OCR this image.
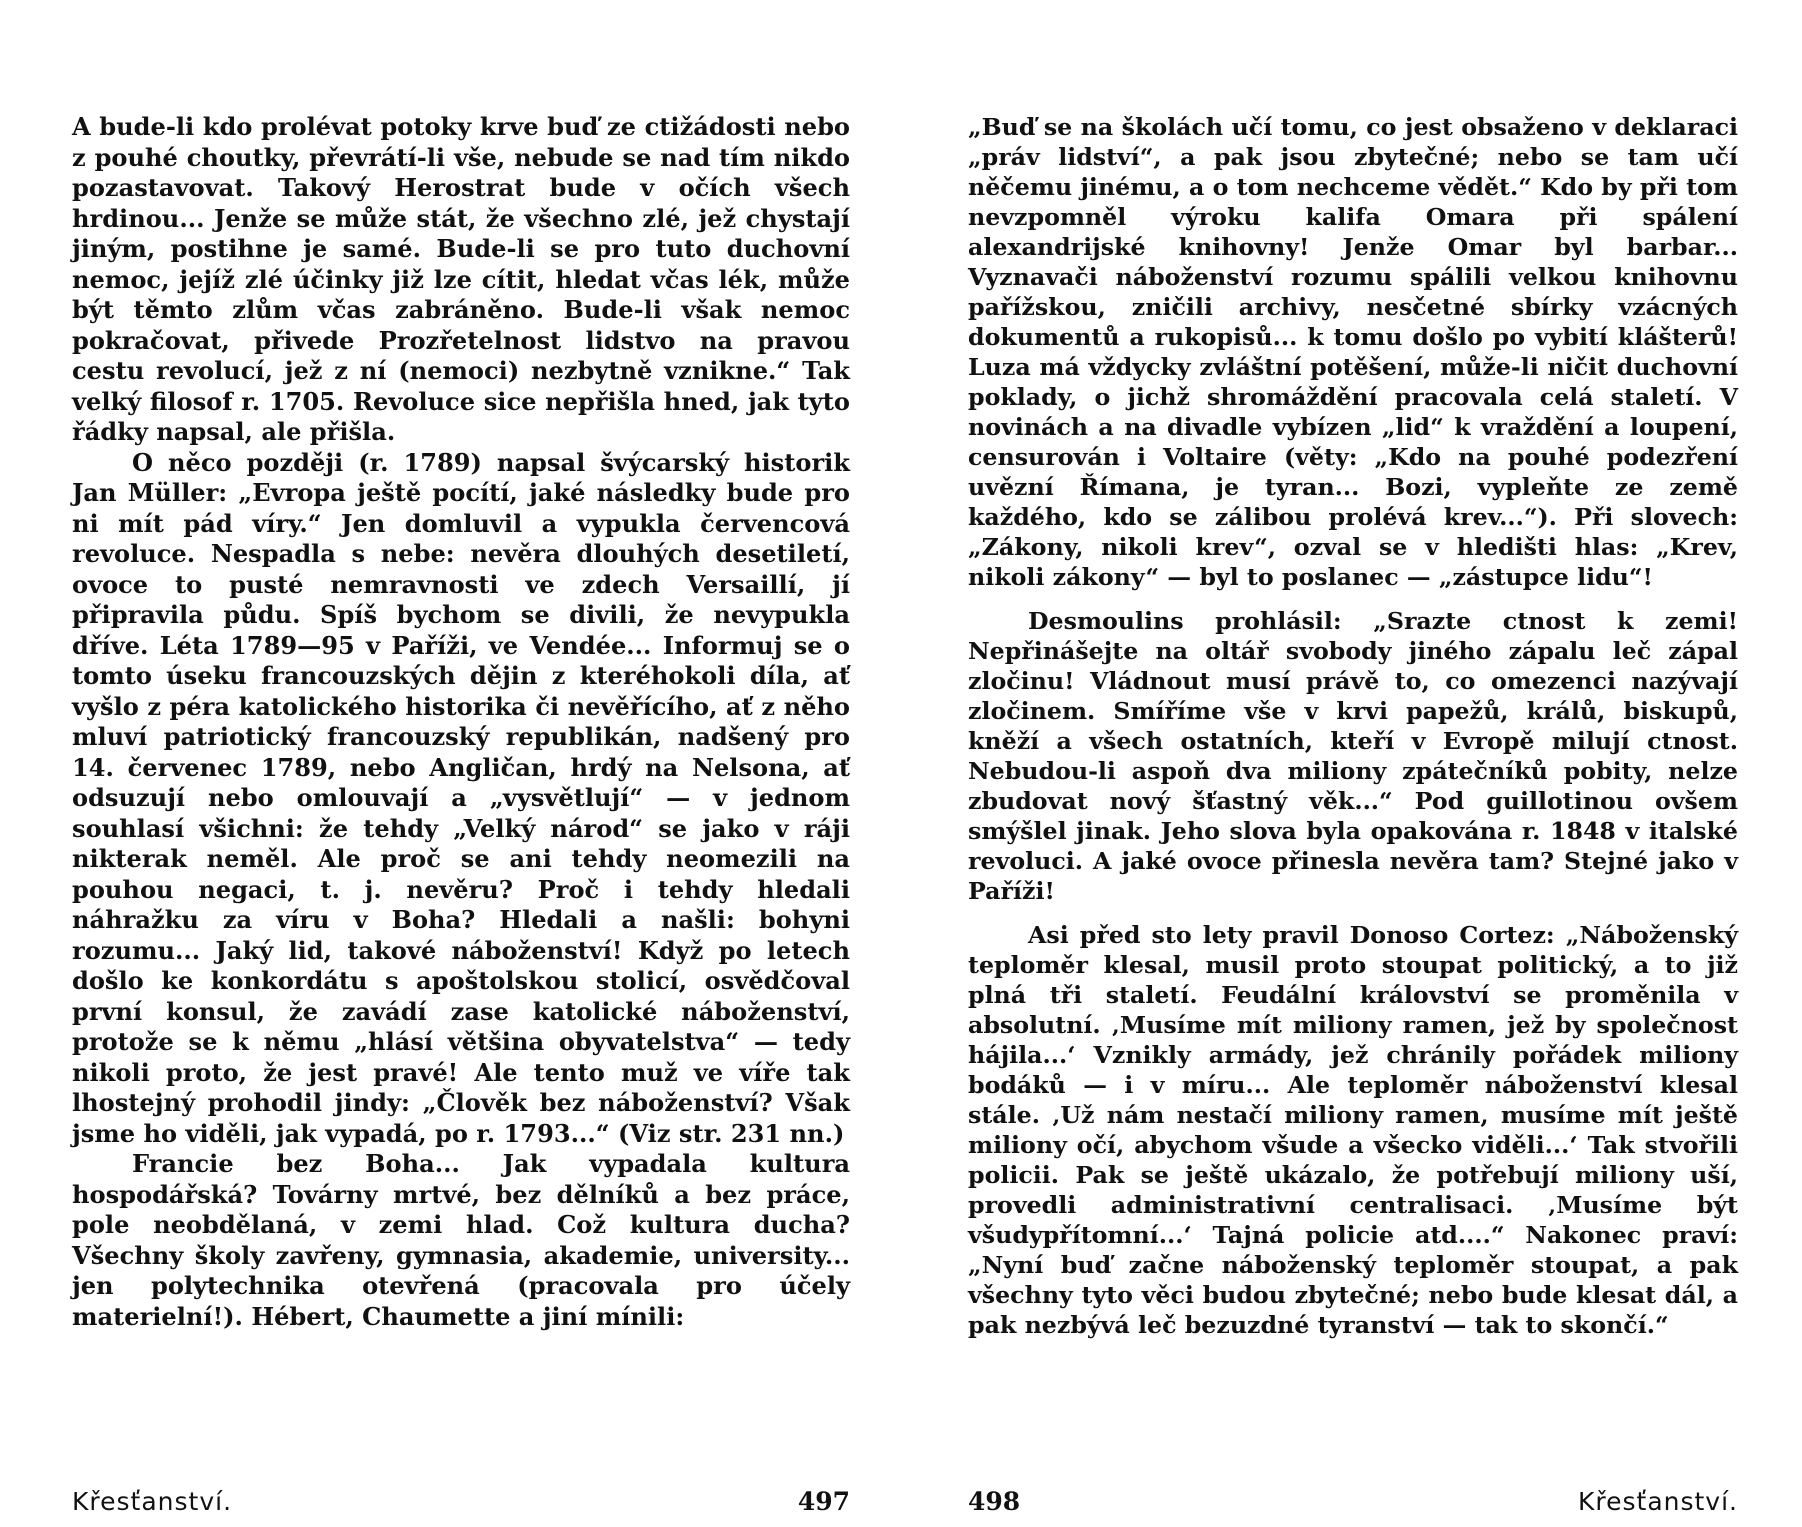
A bude-li kdo prolévat potoky krve buď ze ctižádosti nebo z pouhé choutky, převrátí-li vše, nebude se nad tím nikdo pozastavovat. Takový Herostrat bude v očích všech hrdinou... Jenže se může stát, že všechno zlé, jež chystají jiným, postihne je samé. Bude-li se pro tuto duchovní nemoc, jejíž zlé účinky již lze cítit, hledat včas lék, může být těmto zlům včas zabráněno. Bude-li však nemoc pokračovat, přivede Prozřetelnost lidstvo na pravou cestu revolucí, jež z ní (nemoci) nezbytně vznikne.“ Tak velký filosof r. 1705. Revoluce sice nepřišla hned, jak tyto řádky napsal, ale přišla.

O něco později (r. 1789) napsal švýcarský historik Jan Müller: „Evropa ještě pocítí, jaké následky bude pro ni mít pád víry.“ Jen domluvil a vypukla červencová revoluce. Nespadla s nebe: nevěra dlouhých desetiletí, ovoce to pusté nemravnosti ve zdech Versaillí, jí připravila půdu. Spíš bychom se divili, že nevypukla dříve. Léta 1789—95 v Paříži, ve Vendée... Informuj se o tomto úseku francouzských dějin z kteréhokoli díla, ať vyšlo z péra katolického historika či nevěřícího, ať z něho mluví patriotický francouzský republikán, nadšený pro 14. červenec 1789, nebo Angličan, hrdý na Nelsona, ať odsuzují nebo omlouvají a „vysvětlují“ — v jednom souhlasí všichni: že tehdy „Velký národ“ se jako v ráji nikterak neměl. Ale proč se ani tehdy neomezili na pouhou negaci, t. j. nevěru? Proč i tehdy hledali náhražku za víru v Boha? Hledali a našli: bohyni rozumu... Jaký lid, takové náboženství! Když po letech došlo ke konkordátu s apoštolskou stolicí, osvědčoval první konsul, že zavádí zase katolické náboženství, protože se k němu „hlásí většina obyvatelstva“ — tedy nikoli proto, že jest pravé! Ale tento muž ve víře tak lhostejný prohodil jindy: „Člověk bez náboženství? Však jsme ho viděli, jak vypadá, po r. 1793...“ (Viz str. 231 nn.)

Francie bez Boha... Jak vypadala kultura hospodářská? Továrny mrtvé, bez dělníků a bez práce, pole neobdělaná, v zemi hlad. Což kultura ducha? Všechny školy zavřeny, gymnasia, akademie, university... jen polytechnika otevřená (pracovala pro účely materielní!). Hébert, Chaumette a jiní mínili:

Křesťanství.	497

„Buď se na školách učí tomu, co jest obsaženo v deklaraci „práv lidství“, a pak jsou zbytečné; nebo se tam učí něčemu jinému, a o tom nechceme vědět.“ Kdo by při tom nevzpomněl výroku kalifa Omara při spálení alexandrijské knihovny! Jenže Omar byl barbar... Vyznavači náboženství rozumu spálili velkou knihovnu pařížskou, zničili archivy, nesčetné sbírky vzácných dokumentů a rukopisů... k tomu došlo po vybití klášterů! Luza má vždycky zvláštní potěšení, může-li ničit duchovní poklady, o jichž shromáždění pracovala celá staletí. V novinách a na divadle vybízen „lid“ k vraždění a loupení, censurován i Voltaire (věty: „Kdo na pouhé podezření uvězní Římana, je tyran... Bozi, vypleňte ze země každého, kdo se zálibou prolévá krev...“). Při slovech: „Zákony, nikoli krev“, ozval se v hledišti hlas: „Krev, nikoli zákony“ — byl to poslanec — „zástupce lidu“!

Desmoulins prohlásil: „Srazte ctnost k zemi! Nepřinášejte na oltář svobody jiného zápalu leč zápal zločinu! Vládnout musí právě to, co omezenci nazývají zločinem. Smíříme vše v krvi papežů, králů, biskupů, kněží a všech ostatních, kteří v Evropě milují ctnost. Nebudou-li aspoň dva miliony zpátečníků pobity, nelze zbudovat nový šťastný věk...“ Pod guillotinou ovšem smýšlel jinak. Jeho slova byla opakována r. 1848 v italské revoluci. A jaké ovoce přinesla nevěra tam? Stejné jako v Paříži!

Asi před sto lety pravil Donoso Cortez: „Náboženský teploměr klesal, musil proto stoupat politický, a to již plná tři staletí. Feudální království se proměnila v absolutní. ‚Musíme mít miliony ramen, jež by společnost hájila...‘ Vznikly armády, jež chránily pořádek miliony bodáků — i v míru... Ale teploměr náboženství klesal stále. ‚Už nám nestačí miliony ramen, musíme mít ještě miliony očí, abychom všude a všecko viděli...‘ Tak stvořili policii. Pak se ještě ukázalo, že potřebují miliony uší, provedli administrativní centralisaci. ‚Musíme být všudypřítomní...‘ Tajná policie atd....“ Nakonec praví: „Nyní buď začne náboženský teploměr stoupat, a pak všechny tyto věci budou zbytečné; nebo bude klesat dál, a pak nezbývá leč bezuzdné tyranství — tak to skončí.“

498	Křesťanství.
